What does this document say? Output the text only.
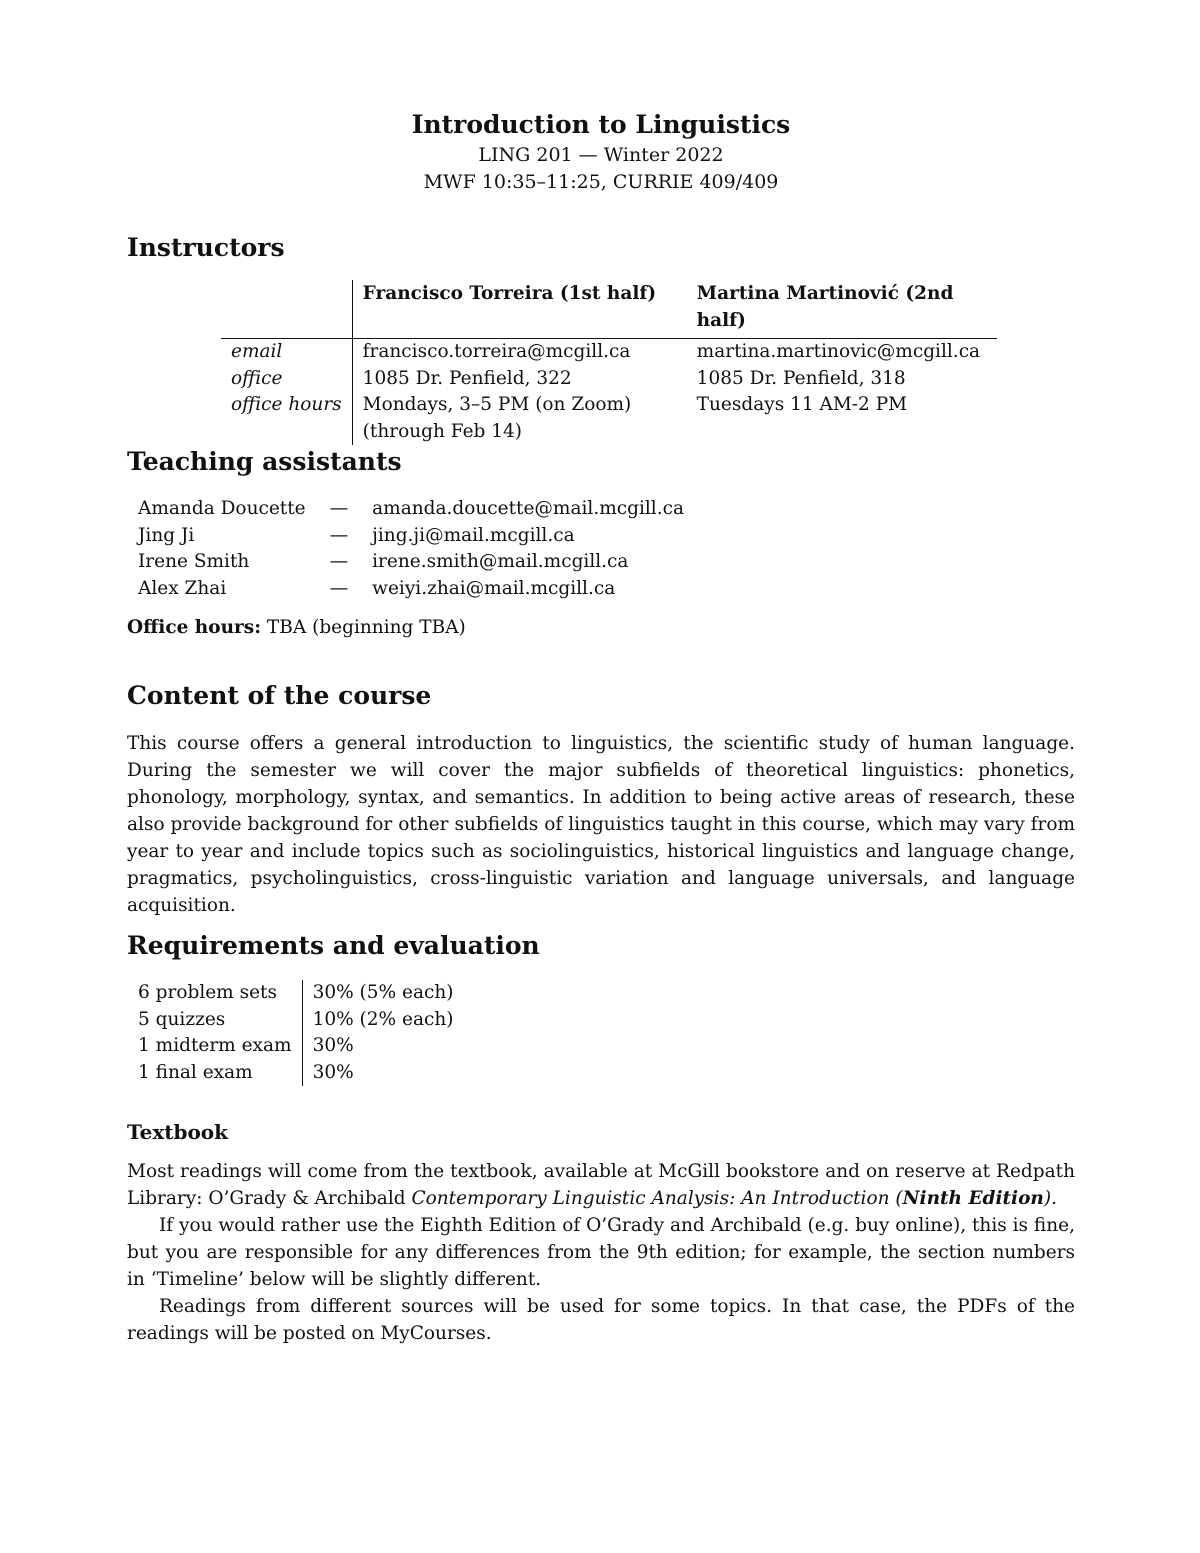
Introduction to Linguistics

LING 201 — Winter 2022

MWF 10:35–11:25, CURRIE 409/409

Instructors
	Francisco Torreira (1st half)	Martina Martinović (2nd half)
email	francisco.torreira@mcgill.ca	martina.martinovic@mcgill.ca
office	1085 Dr. Penfield, 322	1085 Dr. Penfield, 318
office hours	Mondays, 3–5 PM (on Zoom)	Tuesdays 11 AM-2 PM
	(through Feb 14)	
Teaching assistants
Amanda Doucette	—	amanda.doucette@mail.mcgill.ca
Jing Ji	—	jing.ji@mail.mcgill.ca
Irene Smith	—	irene.smith@mail.mcgill.ca
Alex Zhai	—	weiyi.zhai@mail.mcgill.ca

Office hours: TBA (beginning TBA)

Content of the course

This course offers a general introduction to linguistics, the scientific study of human language. During the semester we will cover the major subfields of theoretical linguistics: phonetics, phonology, morphology, syntax, and semantics. In addition to being active areas of research, these also provide background for other subfields of linguistics taught in this course, which may vary from year to year and include topics such as sociolinguistics, historical linguistics and language change, pragmatics, psycholinguistics, cross-linguistic variation and language universals, and language acquisition.

Requirements and evaluation
6 problem sets	30% (5% each)
5 quizzes	10% (2% each)
1 midterm exam	30%
1 final exam	30%
Textbook

Most readings will come from the textbook, available at McGill bookstore and on reserve at Redpath Library: O’Grady & Archibald Contemporary Linguistic Analysis: An Introduction (Ninth Edition).

If you would rather use the Eighth Edition of O’Grady and Archibald (e.g. buy online), this is fine, but you are responsible for any differences from the 9th edition; for example, the section numbers in ‘Timeline’ below will be slightly different.

Readings from different sources will be used for some topics. In that case, the PDFs of the readings will be posted on MyCourses.
